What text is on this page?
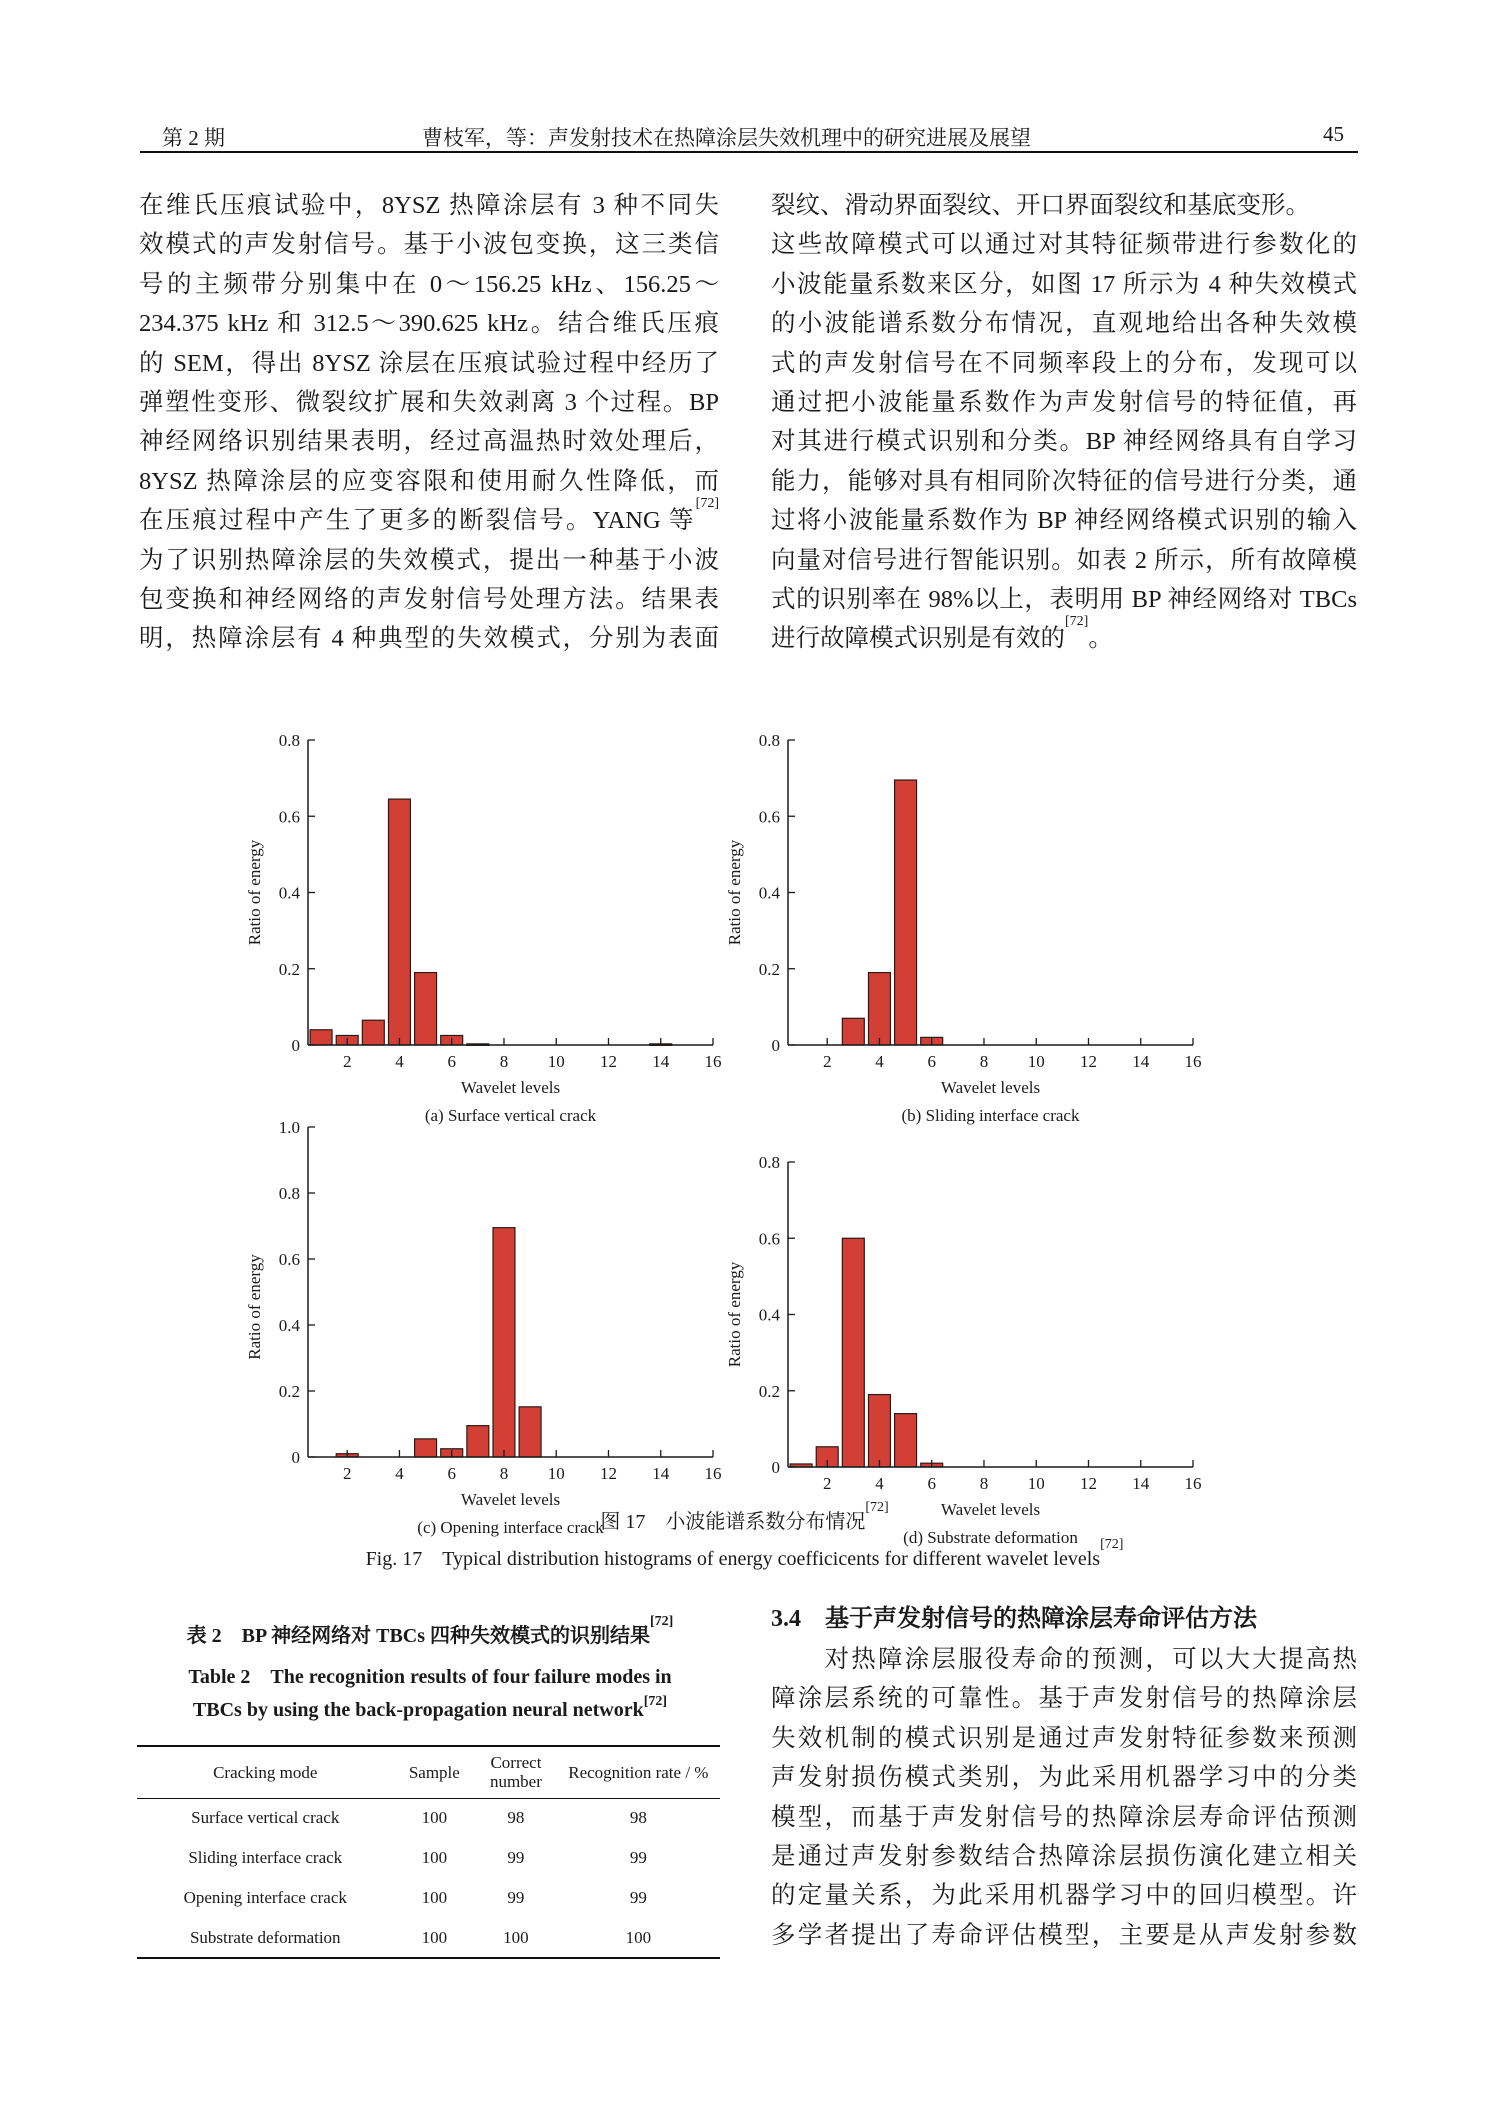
第 2 期	曹枝军，等：声发射技术在热障涂层失效机理中的研究进展及展望	45
在维氏压痕试验中，8YSZ 热障涂层有 3 种不同失
效模式的声发射信号。基于小波包变换，这三类信
号的主频带分别集中在 0～156.25 kHz、156.25～
234.375 kHz 和 312.5～390.625 kHz。结合维氏压痕
的 SEM，得出 8YSZ 涂层在压痕试验过程中经历了
弹塑性变形、微裂纹扩展和失效剥离 3 个过程。BP
神经网络识别结果表明，经过高温热时效处理后，
8YSZ 热障涂层的应变容限和使用耐久性降低，而
在压痕过程中产生了更多的断裂信号。YANG 等[72]
为了识别热障涂层的失效模式，提出一种基于小波
包变换和神经网络的声发射信号处理方法。结果表
明，热障涂层有 4 种典型的失效模式，分别为表面
裂纹、滑动界面裂纹、开口界面裂纹和基底变形。
这些故障模式可以通过对其特征频带进行参数化的
小波能量系数来区分，如图 17 所示为 4 种失效模式
的小波能谱系数分布情况，直观地给出各种失效模
式的声发射信号在不同频率段上的分布，发现可以
通过把小波能量系数作为声发射信号的特征值，再
对其进行模式识别和分类。BP 神经网络具有自学习
能力，能够对具有相同阶次特征的信号进行分类，通
过将小波能量系数作为 BP 神经网络模式识别的输入
向量对信号进行智能识别。如表 2 所示，所有故障模
式的识别率在 98%以上，表明用 BP 神经网络对 TBCs
进行故障模式识别是有效的[72]。
0
0.2
0.4
0.6
0.8
2	4	6	8 10 12 14 16
Wavelet levels
Ratio of energy
(a) Surface vertical crack
0
0.2
0.4
0.6
0.8
2	4	6	8 10 12 14 16
Wavelet levels
Ratio of energy
(b) Sliding interface crack
0
0.2
0.4
0.6
0.8
1.0
2	4	6	8 10 12 14 16
Wavelet levels
Ratio of energy
(c) Opening interface crack
0
0.2
0.4
0.6
0.8
2	4	6	8 10 12 14 16
Wavelet levels
Ratio of energy
(d) Substrate deformation
图 17　小波能谱系数分布情况[72]
Fig. 17　Typical distribution histograms of energy coefficicents for different wavelet levels[72]
表 2　BP 神经网络对 TBCs 四种失效模式的识别结果[72]
Table 2　The recognition results of four failure modes in
TBCs by using the back-propagation neural network[72]
Cracking mode	Sample	Correct
number	Recognition rate / %
Surface vertical crack	100	98	98
Sliding interface crack	100	99	99
Opening interface crack	100	99	99
Substrate deformation	100	100	100
3.4 基于声发射信号的热障涂层寿命评估方法
　　对热障涂层服役寿命的预测，可以大大提高热
障涂层系统的可靠性。基于声发射信号的热障涂层
失效机制的模式识别是通过声发射特征参数来预测
声发射损伤模式类别，为此采用机器学习中的分类
模型，而基于声发射信号的热障涂层寿命评估预测
是通过声发射参数结合热障涂层损伤演化建立相关
的定量关系，为此采用机器学习中的回归模型。许
多学者提出了寿命评估模型，主要是从声发射参数
